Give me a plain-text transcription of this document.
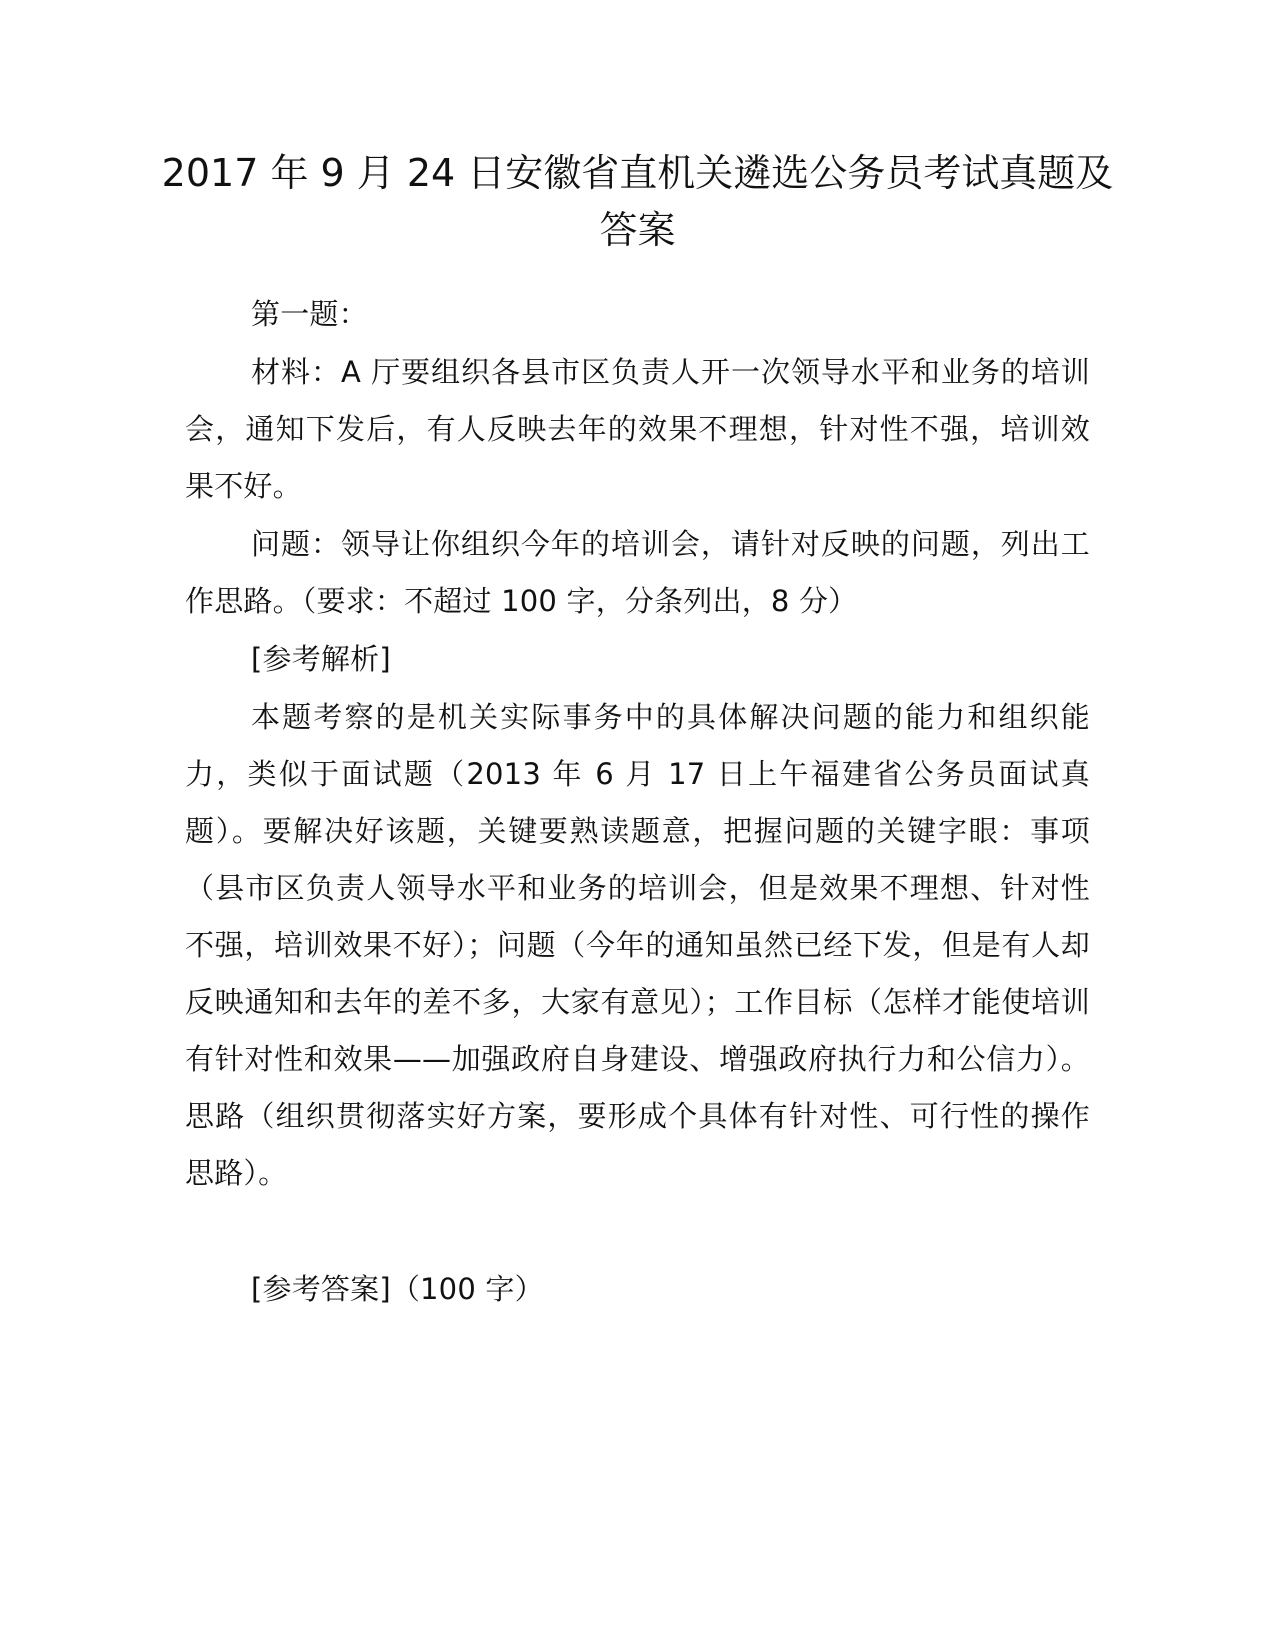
2017 年 9 月 24 日安徽省直机关遴选公务员考试真题及答案

第一题：

材料：A 厅要组织各县市区负责人开一次领导水平和业务的培训会，通知下发后，有人反映去年的效果不理想，针对性不强，培训效果不好。

问题：领导让你组织今年的培训会，请针对反映的问题，列出工作思路。（要求：不超过 100 字，分条列出，8 分）

[参考解析]

本题考察的是机关实际事务中的具体解决问题的能力和组织能力，类似于面试题（2013 年 6 月 17 日上午福建省公务员面试真题）。要解决好该题，关键要熟读题意，把握问题的关键字眼：事项（县市区负责人领导水平和业务的培训会，但是效果不理想、针对性不强，培训效果不好）；问题（今年的通知虽然已经下发，但是有人却反映通知和去年的差不多，大家有意见）；工作目标（怎样才能使培训有针对性和效果——加强政府自身建设、增强政府执行力和公信力）。思路（组织贯彻落实好方案，要形成个具体有针对性、可行性的操作思路）。

[参考答案]（100 字）
